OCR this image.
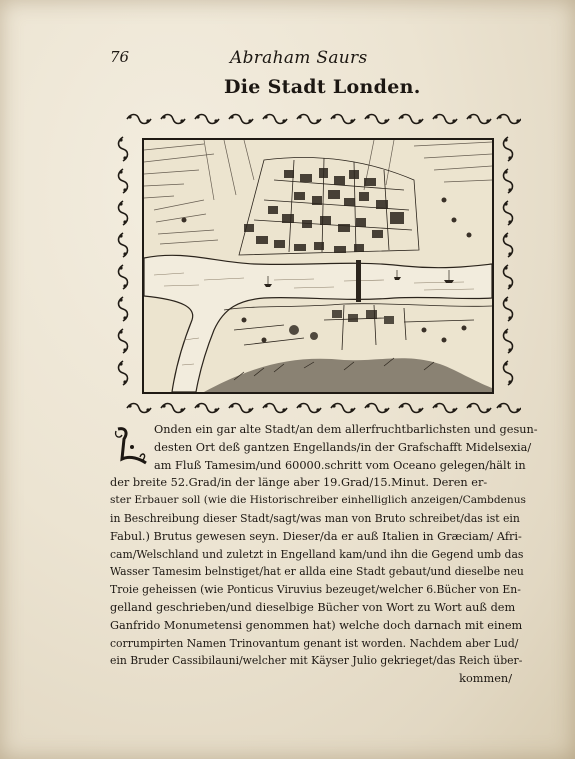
76	Abraham Saurs
Die Stadt Londen.
Onden ein gar alte Stadt/an dem allerfruchtbarlichsten und gesun-
desten Ort deß gantzen Engellands/in der Grafschafft Midelsexia/
am Fluß Tamesim/und 60000.schritt vom Oceano gelegen/hält in
der breite 52.Grad/in der länge aber 19.Grad/15.Minut. Deren er-
ster Erbauer soll (wie die Historischreiber einhelliglich anzeigen/Cambdenus
in Beschreibung dieser Stadt/sagt/was man von Bruto schreibet/das ist ein
Fabul.) Brutus gewesen seyn. Dieser/da er auß Italien in Græciam/ Afri-
cam/Welschland und zuletzt in Engelland kam/und ihn die Gegend umb das
Wasser Tamesim belnstiget/hat er allda eine Stadt gebaut/und dieselbe neu
Troie geheissen (wie Ponticus Viruvius bezeuget/welcher 6.Bücher von En-
gelland geschrieben/und dieselbige Bücher von Wort zu Wort auß dem
Ganfrido Monumetensi genommen hat) welche doch darnach mit einem
corrumpirten Namen Trinovantum genant ist worden. Nachdem aber Lud/
ein Bruder Cassibilauni/welcher mit Käyser Julio gekrieget/das Reich über-
kommen/
